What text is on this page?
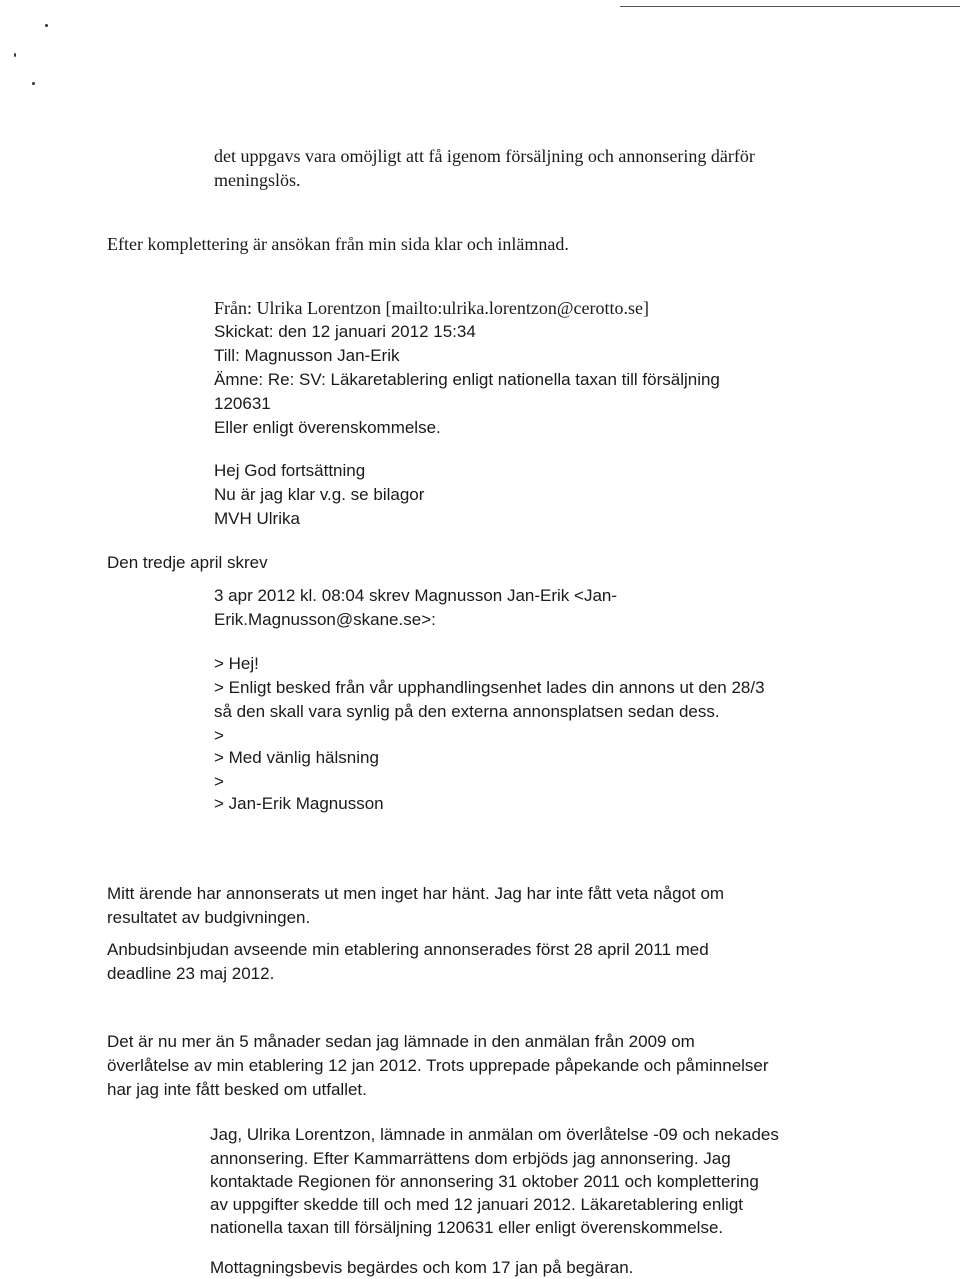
det uppgavs vara omöjligt att få igenom försäljning och annonsering därför
meningslös.
Efter komplettering är ansökan från min sida klar och inlämnad.
Från: Ulrika Lorentzon [mailto:ulrika.lorentzon@cerotto.se]
Skickat: den 12 januari 2012 15:34
Till: Magnusson Jan-Erik
Ämne: Re: SV: Läkaretablering enligt nationella taxan till försäljning
120631
Eller enligt överenskommelse.
Hej God fortsättning
Nu är jag klar v.g. se bilagor
MVH Ulrika
Den tredje april skrev
3 apr 2012 kl. 08:04 skrev Magnusson Jan-Erik <Jan-
Erik.Magnusson@skane.se>:
> Hej!
> Enligt besked från vår upphandlingsenhet lades din annons ut den 28/3
så den skall vara synlig på den externa annonsplatsen sedan dess.
>
> Med vänlig hälsning
>
> Jan-Erik Magnusson
Mitt ärende har annonserats ut men inget har hänt. Jag har inte fått veta något om
resultatet av budgivningen.
Anbudsinbjudan avseende min etablering annonserades först 28 april 2011 med
deadline 23 maj 2012.
Det är nu mer än 5 månader sedan jag lämnade in den anmälan från 2009 om
överlåtelse av min etablering 12 jan 2012. Trots upprepade påpekande och påminnelser
har jag inte fått besked om utfallet.
Jag, Ulrika Lorentzon, lämnade in anmälan om överlåtelse -09 och nekades
annonsering. Efter Kammarrättens dom erbjöds jag annonsering. Jag
kontaktade Regionen för annonsering 31 oktober 2011 och komplettering
av uppgifter skedde till och med 12 januari 2012. Läkaretablering enligt
nationella taxan till försäljning 120631 eller enligt överenskommelse.
Mottagningsbevis begärdes och kom 17 jan på begäran.
